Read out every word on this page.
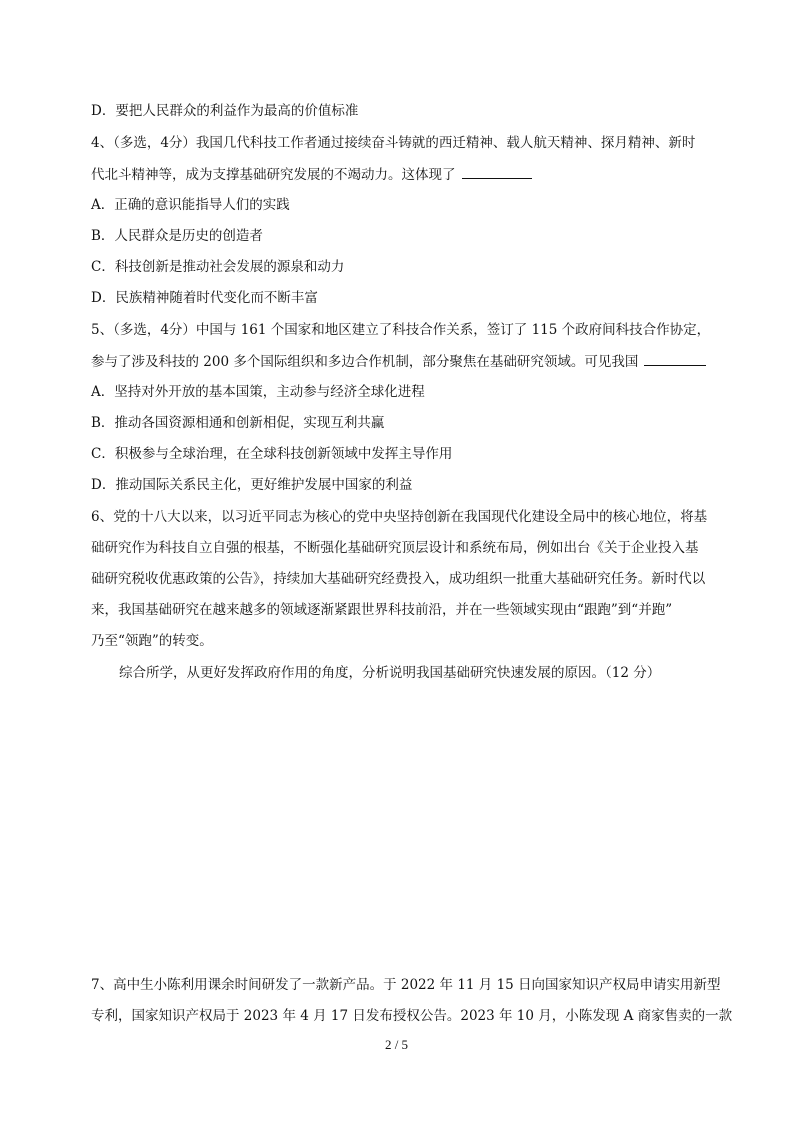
D．要把人民群众的利益作为最高的价值标准
4、（多选，4分）我国几代科技工作者通过接续奋斗铸就的西迁精神、载人航天精神、探月精神、新时
代北斗精神等，成为支撑基础研究发展的不竭动力。这体现了
A．正确的意识能指导人们的实践
B．人民群众是历史的创造者
C．科技创新是推动社会发展的源泉和动力
D．民族精神随着时代变化而不断丰富
5、（多选，4分）中国与 161 个国家和地区建立了科技合作关系，签订了 115 个政府间科技合作协定，
参与了涉及科技的 200 多个国际组织和多边合作机制，部分聚焦在基础研究领域。可见我国
A．坚持对外开放的基本国策，主动参与经济全球化进程
B．推动各国资源相通和创新相促，实现互利共赢
C．积极参与全球治理，在全球科技创新领域中发挥主导作用
D．推动国际关系民主化，更好维护发展中国家的利益
6、党的十八大以来，以习近平同志为核心的党中央坚持创新在我国现代化建设全局中的核心地位，将基
础研究作为科技自立自强的根基，不断强化基础研究顶层设计和系统布局，例如出台《关于企业投入基
础研究税收优惠政策的公告》，持续加大基础研究经费投入，成功组织一批重大基础研究任务。新时代以
来，我国基础研究在越来越多的领域逐渐紧跟世界科技前沿，并在一些领域实现由“跟跑”到“并跑”
乃至“领跑”的转变。
综合所学，从更好发挥政府作用的角度，分析说明我国基础研究快速发展的原因。（12 分）
7、高中生小陈利用课余时间研发了一款新产品。于 2022 年 11 月 15 日向国家知识产权局申请实用新型
专利，国家知识产权局于 2023 年 4 月 17 日发布授权公告。2023 年 10 月，小陈发现 A 商家售卖的一款
2 / 5
